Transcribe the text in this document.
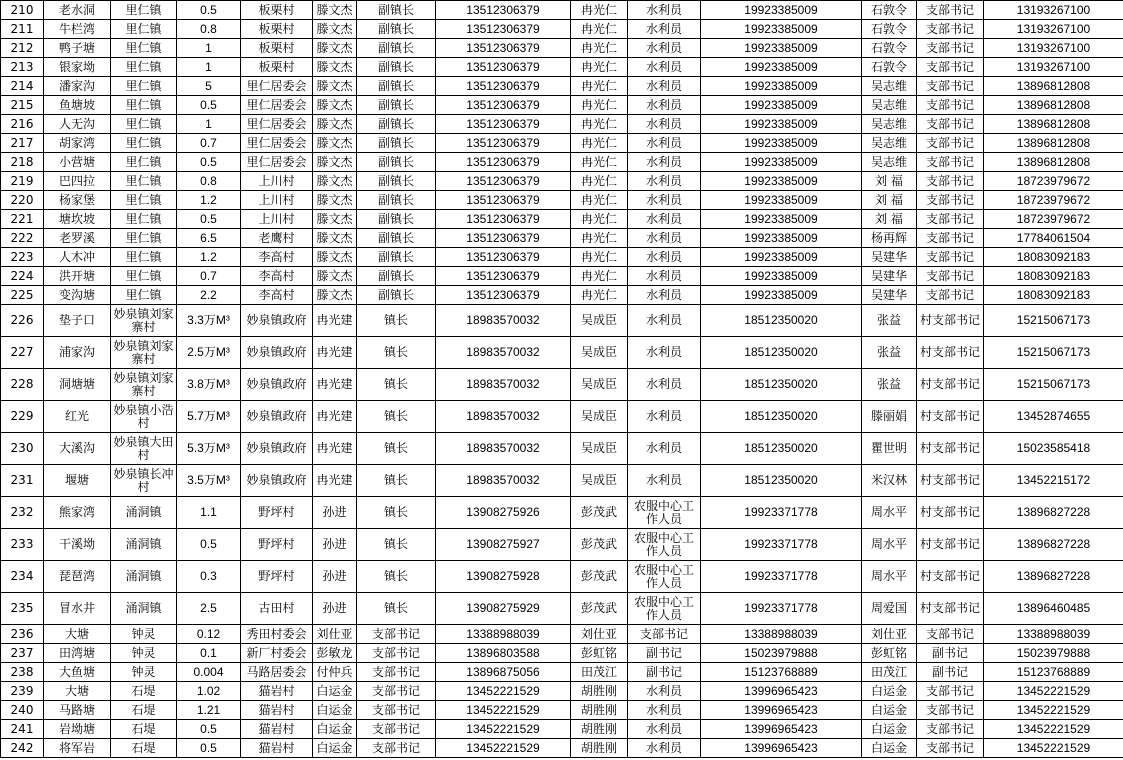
210	老水洞	里仁镇	0.5	板栗村	滕文杰	副镇长	13512306379	冉光仁	水利员	19923385009	石敦令	支部书记	13193267100
211	牛栏湾	里仁镇	0.8	板栗村	滕文杰	副镇长	13512306379	冉光仁	水利员	19923385009	石敦令	支部书记	13193267100
212	鸭子塘	里仁镇	1	板栗村	滕文杰	副镇长	13512306379	冉光仁	水利员	19923385009	石敦令	支部书记	13193267100
213	银家坳	里仁镇	1	板栗村	滕文杰	副镇长	13512306379	冉光仁	水利员	19923385009	石敦令	支部书记	13193267100
214	潘家沟	里仁镇	5	里仁居委会	滕文杰	副镇长	13512306379	冉光仁	水利员	19923385009	吴志维	支部书记	13896812808
215	鱼塘坡	里仁镇	0.5	里仁居委会	滕文杰	副镇长	13512306379	冉光仁	水利员	19923385009	吴志维	支部书记	13896812808
216	人无沟	里仁镇	1	里仁居委会	滕文杰	副镇长	13512306379	冉光仁	水利员	19923385009	吴志维	支部书记	13896812808
217	胡家湾	里仁镇	0.7	里仁居委会	滕文杰	副镇长	13512306379	冉光仁	水利员	19923385009	吴志维	支部书记	13896812808
218	小营塘	里仁镇	0.5	里仁居委会	滕文杰	副镇长	13512306379	冉光仁	水利员	19923385009	吴志维	支部书记	13896812808
219	巴四拉	里仁镇	0.8	上川村	滕文杰	副镇长	13512306379	冉光仁	水利员	19923385009	刘 福	支部书记	18723979672
220	杨家堡	里仁镇	1.2	上川村	滕文杰	副镇长	13512306379	冉光仁	水利员	19923385009	刘 福	支部书记	18723979672
221	塘坎坡	里仁镇	0.5	上川村	滕文杰	副镇长	13512306379	冉光仁	水利员	19923385009	刘 福	支部书记	18723979672
222	老罗溪	里仁镇	6.5	老鹰村	滕文杰	副镇长	13512306379	冉光仁	水利员	19923385009	杨再辉	支部书记	17784061504
223	人木冲	里仁镇	1.2	李高村	滕文杰	副镇长	13512306379	冉光仁	水利员	19923385009	吴建华	支部书记	18083092183
224	洪开塘	里仁镇	0.7	李高村	滕文杰	副镇长	13512306379	冉光仁	水利员	19923385009	吴建华	支部书记	18083092183
225	变沟塘	里仁镇	2.2	李高村	滕文杰	副镇长	13512306379	冉光仁	水利员	19923385009	吴建华	支部书记	18083092183
226	垫子口	妙泉镇刘家寨村	3.3万M³	妙泉镇政府	冉光建	镇长	18983570032	吴成臣	水利员	18512350020	张益	村支部书记	15215067173
227	浦家沟	妙泉镇刘家寨村	2.5万M³	妙泉镇政府	冉光建	镇长	18983570032	吴成臣	水利员	18512350020	张益	村支部书记	15215067173
228	洞塘塘	妙泉镇刘家寨村	3.8万M³	妙泉镇政府	冉光建	镇长	18983570032	吴成臣	水利员	18512350020	张益	村支部书记	15215067173
229	红光	妙泉镇小浩村	5.7万M³	妙泉镇政府	冉光建	镇长	18983570032	吴成臣	水利员	18512350020	滕丽娟	村支部书记	13452874655
230	大溪沟	妙泉镇大田村	5.3万M³	妙泉镇政府	冉光建	镇长	18983570032	吴成臣	水利员	18512350020	瞿世明	村支部书记	15023585418
231	堰塘	妙泉镇长冲村	3.5万M³	妙泉镇政府	冉光建	镇长	18983570032	吴成臣	水利员	18512350020	米汉林	村支部书记	13452215172
232	熊家湾	涌洞镇	1.1	野坪村	孙进	镇长	13908275926	彭茂武	农服中心工作人员	19923371778	周水平	村支部书记	13896827228
233	干溪坳	涌洞镇	0.5	野坪村	孙进	镇长	13908275927	彭茂武	农服中心工作人员	19923371778	周水平	村支部书记	13896827228
234	琵琶湾	涌洞镇	0.3	野坪村	孙进	镇长	13908275928	彭茂武	农服中心工作人员	19923371778	周水平	村支部书记	13896827228
235	冒水井	涌洞镇	2.5	古田村	孙进	镇长	13908275929	彭茂武	农服中心工作人员	19923371778	周爱国	村支部书记	13896460485
236	大塘	钟灵	0.12	秀田村委会	刘仕亚	支部书记	13388988039	刘仕亚	支部书记	13388988039	刘仕亚	支部书记	13388988039
237	田湾塘	钟灵	0.1	新厂村委会	彭敏龙	支部书记	13896803588	彭虹铭	副书记	15023979888	彭虹铭	副书记	15023979888
238	大鱼塘	钟灵	0.004	马路居委会	付仲兵	支部书记	13896875056	田茂江	副书记	15123768889	田茂江	副书记	15123768889
239	大塘	石堤	1.02	猫岩村	白运金	支部书记	13452221529	胡胜刚	水利员	13996965423	白运金	支部书记	13452221529
240	马路塘	石堤	1.21	猫岩村	白运金	支部书记	13452221529	胡胜刚	水利员	13996965423	白运金	支部书记	13452221529
241	岩坳塘	石堤	0.5	猫岩村	白运金	支部书记	13452221529	胡胜刚	水利员	13996965423	白运金	支部书记	13452221529
242	将军岩	石堤	0.5	猫岩村	白运金	支部书记	13452221529	胡胜刚	水利员	13996965423	白运金	支部书记	13452221529
